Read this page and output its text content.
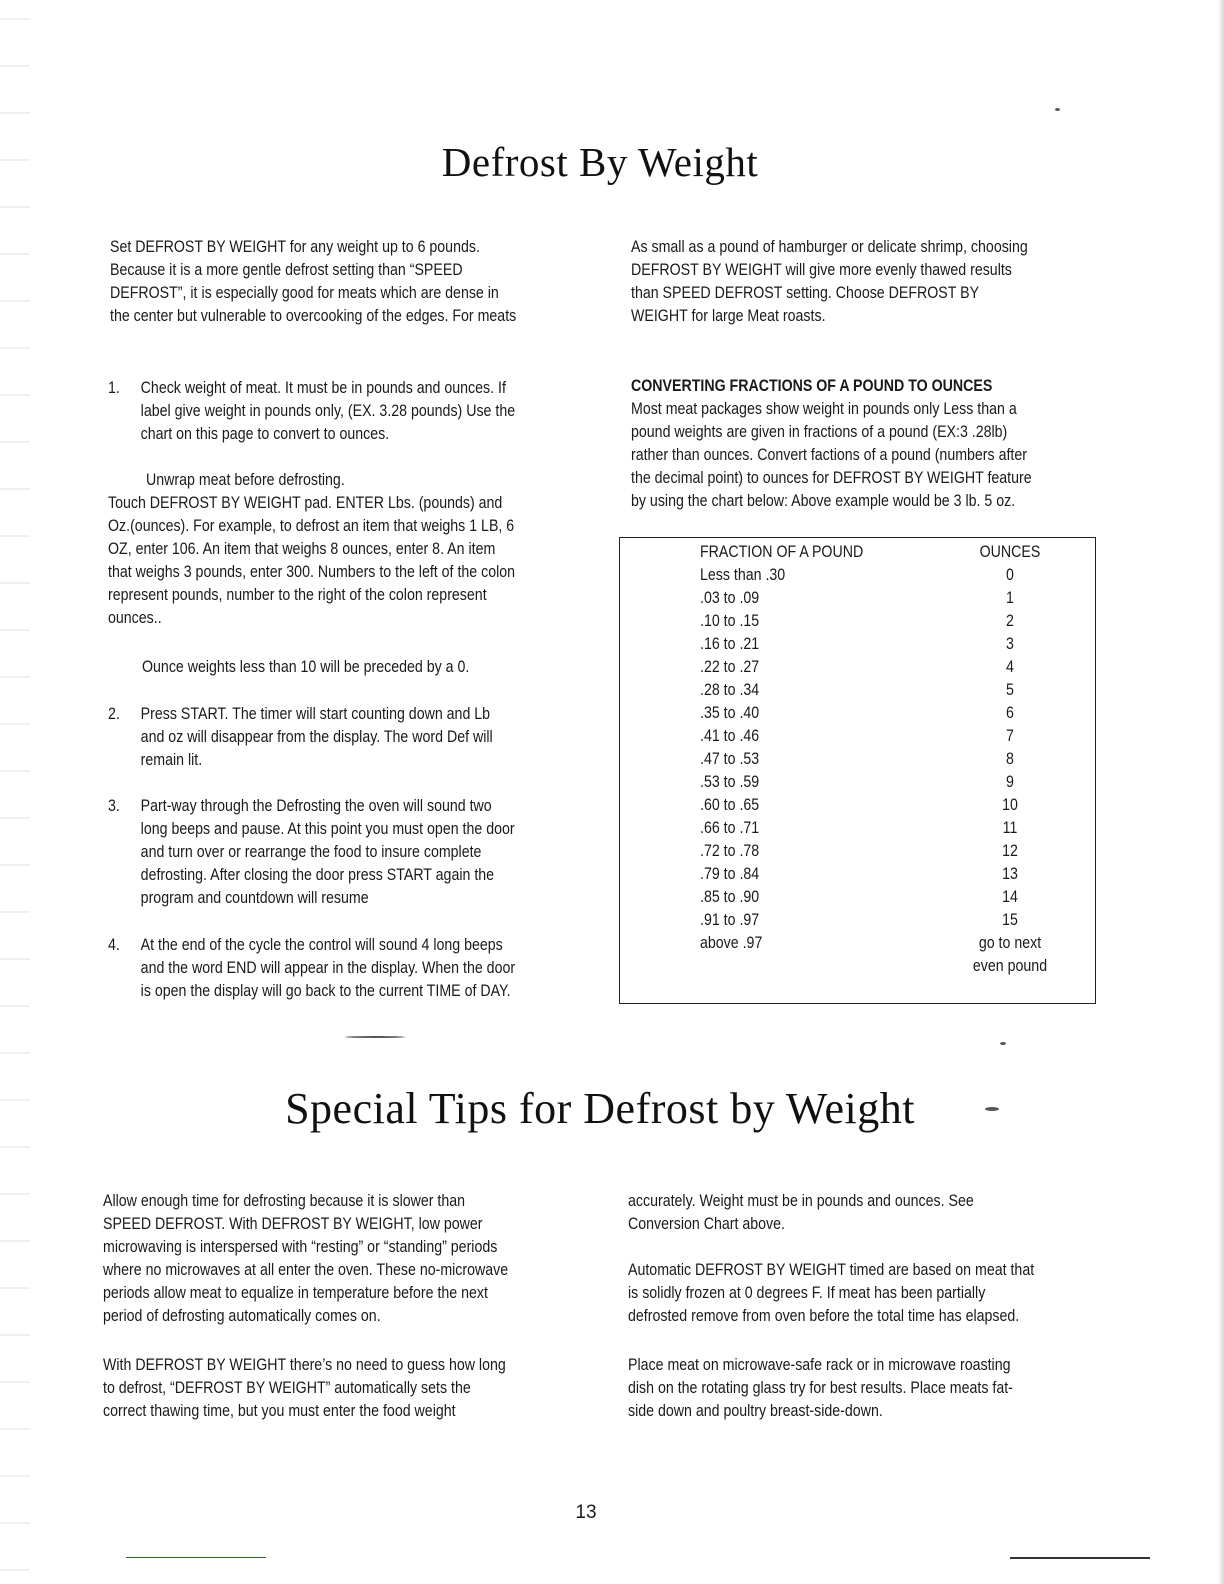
Defrost By Weight
Set DEFROST BY WEIGHT for any weight up to 6 pounds.
Because it is a more gentle defrost setting than “SPEED
DEFROST”, it is especially good for meats which are dense in
the center but vulnerable to overcooking of the edges. For meats
As small as a pound of hamburger or delicate shrimp, choosing
DEFROST BY WEIGHT will give more evenly thawed results
than SPEED DEFROST setting. Choose DEFROST BY
WEIGHT for large Meat roasts.
1. Check weight of meat. It must be in pounds and ounces. If
label give weight in pounds only, (EX. 3.28 pounds) Use the
chart on this page to convert to ounces.
Unwrap meat before defrosting.
Touch DEFROST BY WEIGHT pad. ENTER Lbs. (pounds) and
Oz.(ounces). For example, to defrost an item that weighs 1 LB, 6
OZ, enter 106. An item that weighs 8 ounces, enter 8. An item
that weighs 3 pounds, enter 300. Numbers to the left of the colon
represent pounds, number to the right of the colon represent
ounces..
Ounce weights less than 10 will be preceded by a 0.
2. Press START. The timer will start counting down and Lb
and oz will disappear from the display. The word Def will
remain lit.
3. Part-way through the Defrosting the oven will sound two
long beeps and pause. At this point you must open the door
and turn over or rearrange the food to insure complete
defrosting. After closing the door press START again the
program and countdown will resume
4. At the end of the cycle the control will sound 4 long beeps
and the word END will appear in the display. When the door
is open the display will go back to the current TIME of DAY.
CONVERTING FRACTIONS OF A POUND TO OUNCES
Most meat packages show weight in pounds only Less than a
pound weights are given in fractions of a pound (EX:3 .28lb)
rather than ounces. Convert factions of a pound (numbers after
the decimal point) to ounces for DEFROST BY WEIGHT feature
by using the chart below: Above example would be 3 lb. 5 oz.
FRACTION OF A POUND	OUNCES
Less than .30	0
.03 to .09	1
.10 to .15	2
.16 to .21	3
.22 to .27	4
.28 to .34	5
.35 to .40	6
.41 to .46	7
.47 to .53	8
.53 to .59	9
.60 to .65	10
.66 to .71	11
.72 to .78	12
.79 to .84	13
.85 to .90	14
.91 to .97	15
above .97	go to next
even pound
Special Tips for Defrost by Weight
Allow enough time for defrosting because it is slower than
SPEED DEFROST. With DEFROST BY WEIGHT, low power
microwaving is interspersed with “resting” or “standing” periods
where no microwaves at all enter the oven. These no-microwave
periods allow meat to equalize in temperature before the next
period of defrosting automatically comes on.
With DEFROST BY WEIGHT there’s no need to guess how long
to defrost, “DEFROST BY WEIGHT” automatically sets the
correct thawing time, but you must enter the food weight
accurately. Weight must be in pounds and ounces. See
Conversion Chart above.
Automatic DEFROST BY WEIGHT timed are based on meat that
is solidly frozen at 0 degrees F. If meat has been partially
defrosted remove from oven before the total time has elapsed.
Place meat on microwave-safe rack or in microwave roasting
dish on the rotating glass try for best results. Place meats fat-
side down and poultry breast-side-down.
13
